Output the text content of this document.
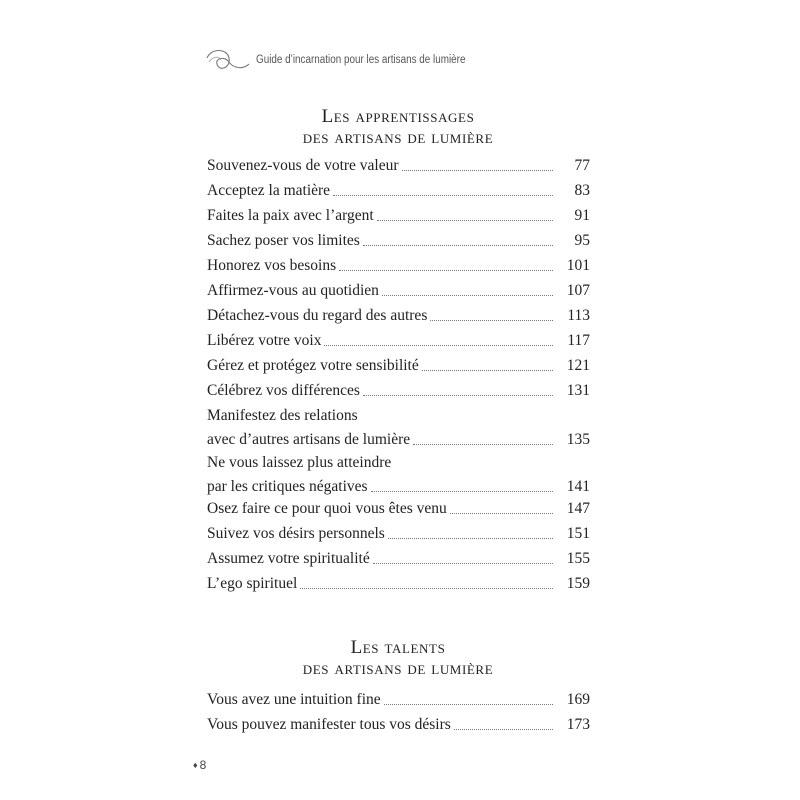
Guide d’incarnation pour les artisans de lumière
Les apprentissages
des artisans de lumière
Souvenez-vous de votre valeur	77
Acceptez la matière	83
Faites la paix avec l’argent	91
Sachez poser vos limites	95
Honorez vos besoins	101
Affirmez-vous au quotidien	107
Détachez-vous du regard des autres	113
Libérez votre voix	117
Gérez et protégez votre sensibilité	121
Célébrez vos différences	131
Manifestez des relations
avec d’autres artisans de lumière	135
Ne vous laissez plus atteindre
par les critiques négatives	141
Osez faire ce pour quoi vous êtes venu	147
Suivez vos désirs personnels	151
Assumez votre spiritualité	155
L’ego spirituel	159
Les talents
des artisans de lumière
Vous avez une intuition fine	169
Vous pouvez manifester tous vos désirs	173
♦ 8
